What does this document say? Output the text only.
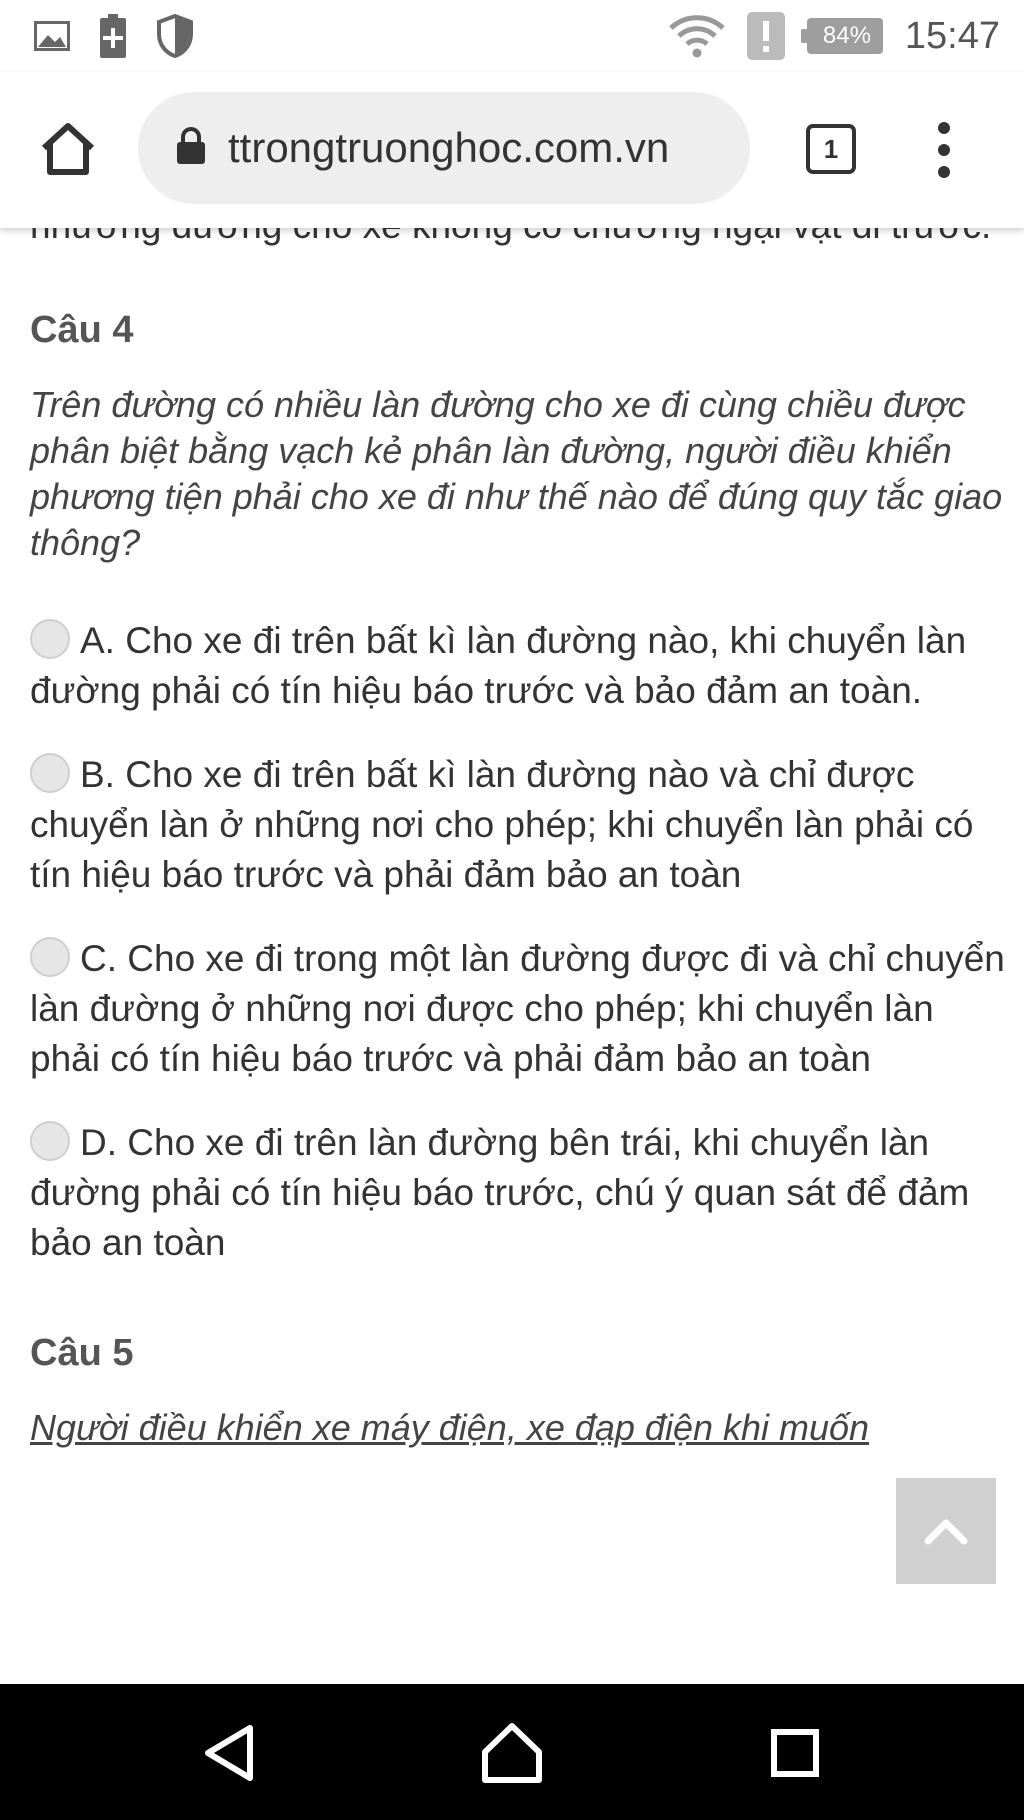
84% 15:47
ttrongtruonghoc.com.vn	1

Câu 4

Trên đường có nhiều làn đường cho xe đi cùng chiều được phân biệt bằng vạch kẻ phân làn đường, người điều khiển phương tiện phải cho xe đi như thế nào để đúng quy tắc giao thông?

A. Cho xe đi trên bất kì làn đường nào, khi chuyển làn đường phải có tín hiệu báo trước và bảo đảm an toàn.

B. Cho xe đi trên bất kì làn đường nào và chỉ được chuyển làn ở những nơi cho phép; khi chuyển làn phải có tín hiệu báo trước và phải đảm bảo an toàn

C. Cho xe đi trong một làn đường được đi và chỉ chuyển làn đường ở những nơi được cho phép; khi chuyển làn phải có tín hiệu báo trước và phải đảm bảo an toàn

D. Cho xe đi trên làn đường bên trái, khi chuyển làn đường phải có tín hiệu báo trước, chú ý quan sát để đảm bảo an toàn

Câu 5

Người điều khiển xe máy điện, xe đạp điện khi muốn
